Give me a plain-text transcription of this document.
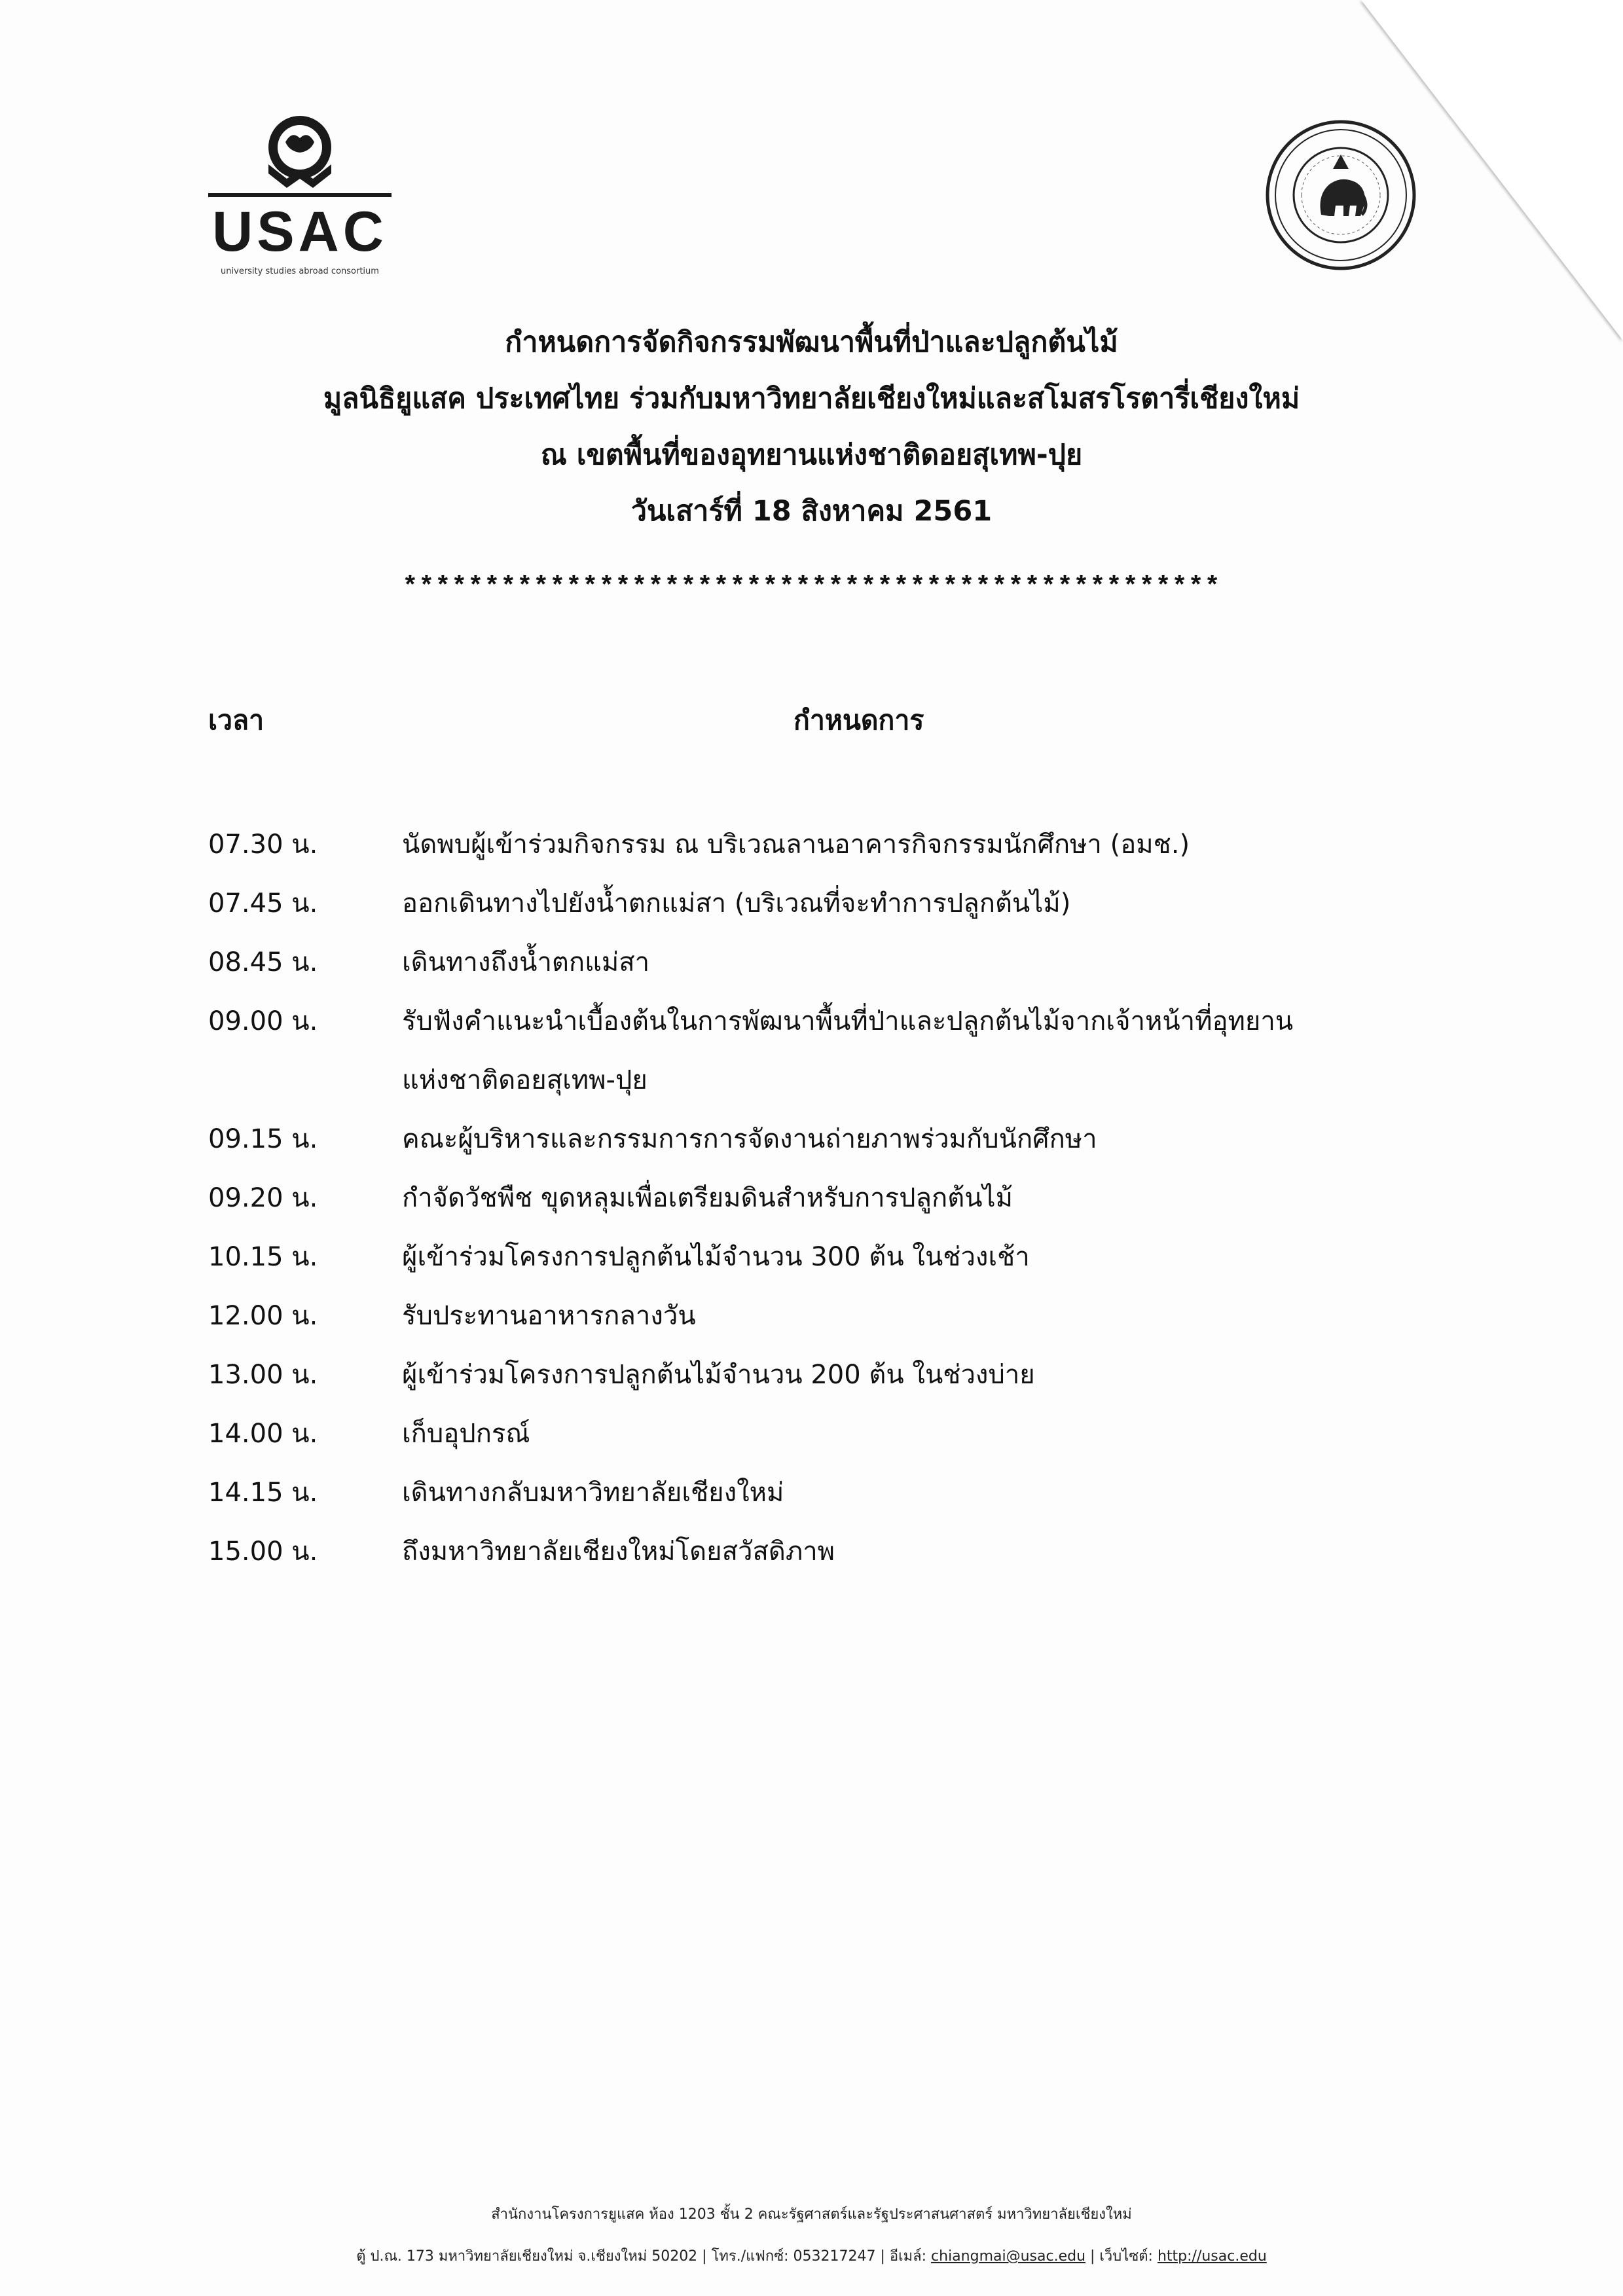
USAC
university studies abroad consortium
กำหนดการจัดกิจกรรมพัฒนาพื้นที่ป่าและปลูกต้นไม้
มูลนิธิยูแสค ประเทศไทย ร่วมกับมหาวิทยาลัยเชียงใหม่และสโมสรโรตารี่เชียงใหม่
ณ เขตพื้นที่ของอุทยานแห่งชาติดอยสุเทพ-ปุย
วันเสาร์ที่ 18 สิงหาคม 2561
**************************************************
เวลา	กำหนดการ
07.30 น.	นัดพบผู้เข้าร่วมกิจกรรม ณ บริเวณลานอาคารกิจกรรมนักศึกษา (อมช.)
07.45 น.	ออกเดินทางไปยังน้ำตกแม่สา (บริเวณที่จะทำการปลูกต้นไม้)
08.45 น.	เดินทางถึงน้ำตกแม่สา
09.00 น.	รับฟังคำแนะนำเบื้องต้นในการพัฒนาพื้นที่ป่าและปลูกต้นไม้จากเจ้าหน้าที่อุทยาน
แห่งชาติดอยสุเทพ-ปุย
09.15 น.	คณะผู้บริหารและกรรมการการจัดงานถ่ายภาพร่วมกับนักศึกษา
09.20 น.	กำจัดวัชพืช ขุดหลุมเพื่อเตรียมดินสำหรับการปลูกต้นไม้
10.15 น.	ผู้เข้าร่วมโครงการปลูกต้นไม้จำนวน 300 ต้น ในช่วงเช้า
12.00 น.	รับประทานอาหารกลางวัน
13.00 น.	ผู้เข้าร่วมโครงการปลูกต้นไม้จำนวน 200 ต้น ในช่วงบ่าย
14.00 น.	เก็บอุปกรณ์
14.15 น.	เดินทางกลับมหาวิทยาลัยเชียงใหม่
15.00 น.	ถึงมหาวิทยาลัยเชียงใหม่โดยสวัสดิภาพ
สำนักงานโครงการยูแสค ห้อง 1203 ชั้น 2 คณะรัฐศาสตร์และรัฐประศาสนศาสตร์ มหาวิทยาลัยเชียงใหม่
ตู้ ป.ณ. 173 มหาวิทยาลัยเชียงใหม่ จ.เชียงใหม่ 50202 | โทร./แฟกซ์: 053217247 | อีเมล์: chiangmai@usac.edu | เว็บไซต์: http://usac.edu
